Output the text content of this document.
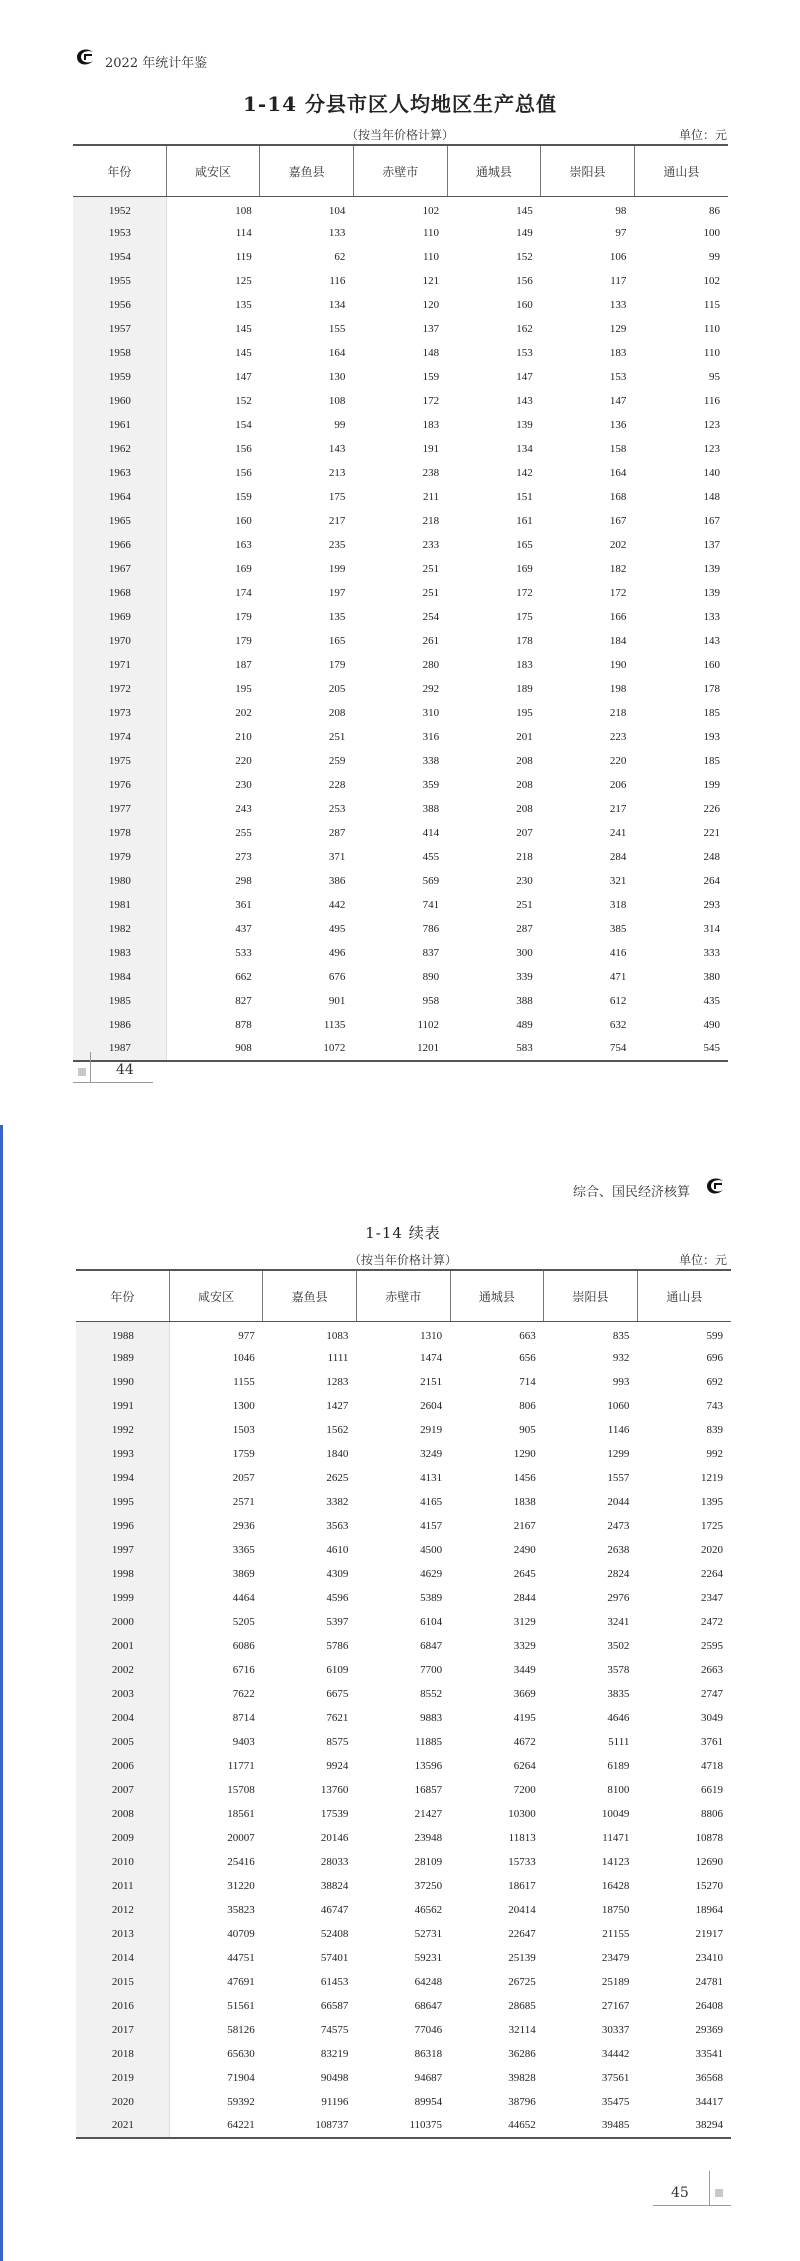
2022 年统计年鉴
1-14 分县市区人均地区生产总值
（按当年价格计算）	单位：元
年份	咸安区	嘉鱼县	赤壁市	通城县	崇阳县	通山县
1952	108	104	102	145	98	86
1953	114	133	110	149	97	100
1954	119	62	110	152	106	99
1955	125	116	121	156	117	102
1956	135	134	120	160	133	115
1957	145	155	137	162	129	110
1958	145	164	148	153	183	110
1959	147	130	159	147	153	95
1960	152	108	172	143	147	116
1961	154	99	183	139	136	123
1962	156	143	191	134	158	123
1963	156	213	238	142	164	140
1964	159	175	211	151	168	148
1965	160	217	218	161	167	167
1966	163	235	233	165	202	137
1967	169	199	251	169	182	139
1968	174	197	251	172	172	139
1969	179	135	254	175	166	133
1970	179	165	261	178	184	143
1971	187	179	280	183	190	160
1972	195	205	292	189	198	178
1973	202	208	310	195	218	185
1974	210	251	316	201	223	193
1975	220	259	338	208	220	185
1976	230	228	359	208	206	199
1977	243	253	388	208	217	226
1978	255	287	414	207	241	221
1979	273	371	455	218	284	248
1980	298	386	569	230	321	264
1981	361	442	741	251	318	293
1982	437	495	786	287	385	314
1983	533	496	837	300	416	333
1984	662	676	890	339	471	380
1985	827	901	958	388	612	435
1986	878	1135	1102	489	632	490
1987	908	1072	1201	583	754	545
44
综合、国民经济核算
1-14 续表
（按当年价格计算）	单位：元
年份	咸安区	嘉鱼县	赤壁市	通城县	崇阳县	通山县
1988	977	1083	1310	663	835	599
1989	1046	1111	1474	656	932	696
1990	1155	1283	2151	714	993	692
1991	1300	1427	2604	806	1060	743
1992	1503	1562	2919	905	1146	839
1993	1759	1840	3249	1290	1299	992
1994	2057	2625	4131	1456	1557	1219
1995	2571	3382	4165	1838	2044	1395
1996	2936	3563	4157	2167	2473	1725
1997	3365	4610	4500	2490	2638	2020
1998	3869	4309	4629	2645	2824	2264
1999	4464	4596	5389	2844	2976	2347
2000	5205	5397	6104	3129	3241	2472
2001	6086	5786	6847	3329	3502	2595
2002	6716	6109	7700	3449	3578	2663
2003	7622	6675	8552	3669	3835	2747
2004	8714	7621	9883	4195	4646	3049
2005	9403	8575	11885	4672	5111	3761
2006	11771	9924	13596	6264	6189	4718
2007	15708	13760	16857	7200	8100	6619
2008	18561	17539	21427	10300	10049	8806
2009	20007	20146	23948	11813	11471	10878
2010	25416	28033	28109	15733	14123	12690
2011	31220	38824	37250	18617	16428	15270
2012	35823	46747	46562	20414	18750	18964
2013	40709	52408	52731	22647	21155	21917
2014	44751	57401	59231	25139	23479	23410
2015	47691	61453	64248	26725	25189	24781
2016	51561	66587	68647	28685	27167	26408
2017	58126	74575	77046	32114	30337	29369
2018	65630	83219	86318	36286	34442	33541
2019	71904	90498	94687	39828	37561	36568
2020	59392	91196	89954	38796	35475	34417
2021	64221	108737	110375	44652	39485	38294
45
